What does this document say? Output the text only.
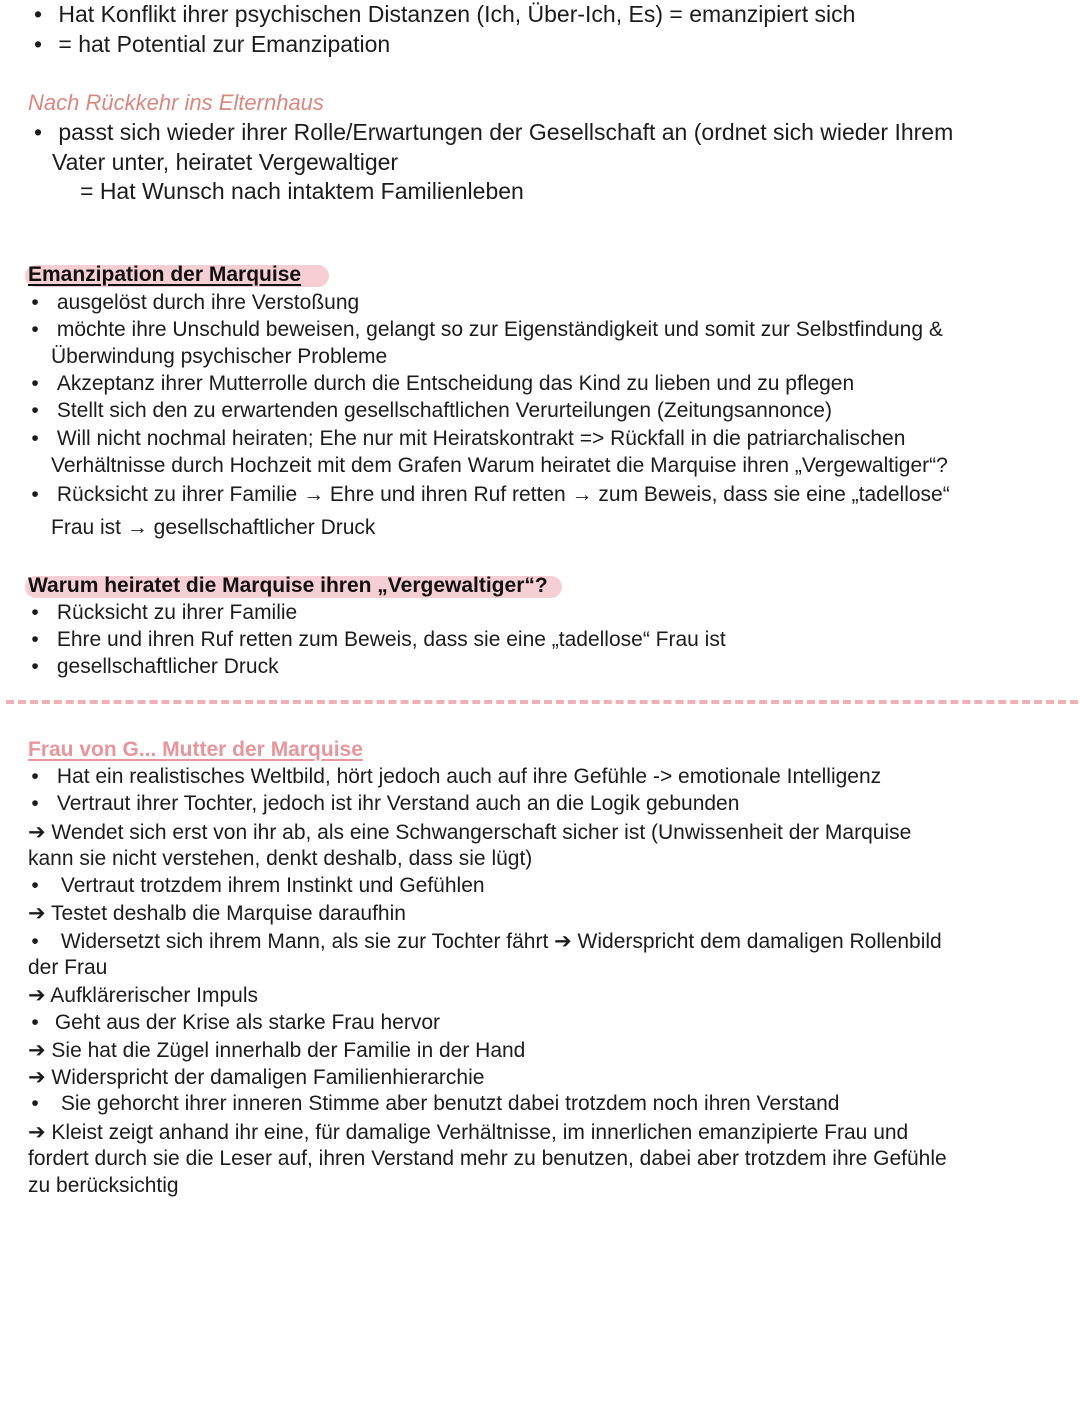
• Hat Konflikt ihrer psychischen Distanzen (Ich, Über-Ich, Es) = emanzipiert sich
• = hat Potential zur Emanzipation
Nach Rückkehr ins Elternhaus
• passt sich wieder ihrer Rolle/Erwartungen der Gesellschaft an (ordnet sich wieder Ihrem
Vater unter, heiratet Vergewaltiger
= Hat Wunsch nach intaktem Familienleben
Emanzipation der Marquise
• ausgelöst durch ihre Verstoßung
• möchte ihre Unschuld beweisen, gelangt so zur Eigenständigkeit und somit zur Selbstfindung &
Überwindung psychischer Probleme
• Akzeptanz ihrer Mutterrolle durch die Entscheidung das Kind zu lieben und zu pflegen
• Stellt sich den zu erwartenden gesellschaftlichen Verurteilungen (Zeitungsannonce)
• Will nicht nochmal heiraten; Ehe nur mit Heiratskontrakt => Rückfall in die patriarchalischen
Verhältnisse durch Hochzeit mit dem Grafen Warum heiratet die Marquise ihren „Vergewaltiger“?
• Rücksicht zu ihrer Familie → Ehre und ihren Ruf retten → zum Beweis, dass sie eine „tadellose“
Frau ist → gesellschaftlicher Druck
Warum heiratet die Marquise ihren „Vergewaltiger“?
• Rücksicht zu ihrer Familie
• Ehre und ihren Ruf retten zum Beweis, dass sie eine „tadellose“ Frau ist
• gesellschaftlicher Druck
Frau von G... Mutter der Marquise
• Hat ein realistisches Weltbild, hört jedoch auch auf ihre Gefühle -> emotionale Intelligenz
• Vertraut ihrer Tochter, jedoch ist ihr Verstand auch an die Logik gebunden
➔ Wendet sich erst von ihr ab, als eine Schwangerschaft sicher ist (Unwissenheit der Marquise
kann sie nicht verstehen, denkt deshalb, dass sie lügt)
• Vertraut trotzdem ihrem Instinkt und Gefühlen
➔ Testet deshalb die Marquise daraufhin
• Widersetzt sich ihrem Mann, als sie zur Tochter fährt ➔ Widerspricht dem damaligen Rollenbild
der Frau
➔ Aufklärerischer Impuls
• Geht aus der Krise als starke Frau hervor
➔ Sie hat die Zügel innerhalb der Familie in der Hand
➔ Widerspricht der damaligen Familienhierarchie
• Sie gehorcht ihrer inneren Stimme aber benutzt dabei trotzdem noch ihren Verstand
➔ Kleist zeigt anhand ihr eine, für damalige Verhältnisse, im innerlichen emanzipierte Frau und
fordert durch sie die Leser auf, ihren Verstand mehr zu benutzen, dabei aber trotzdem ihre Gefühle
zu berücksichtig
